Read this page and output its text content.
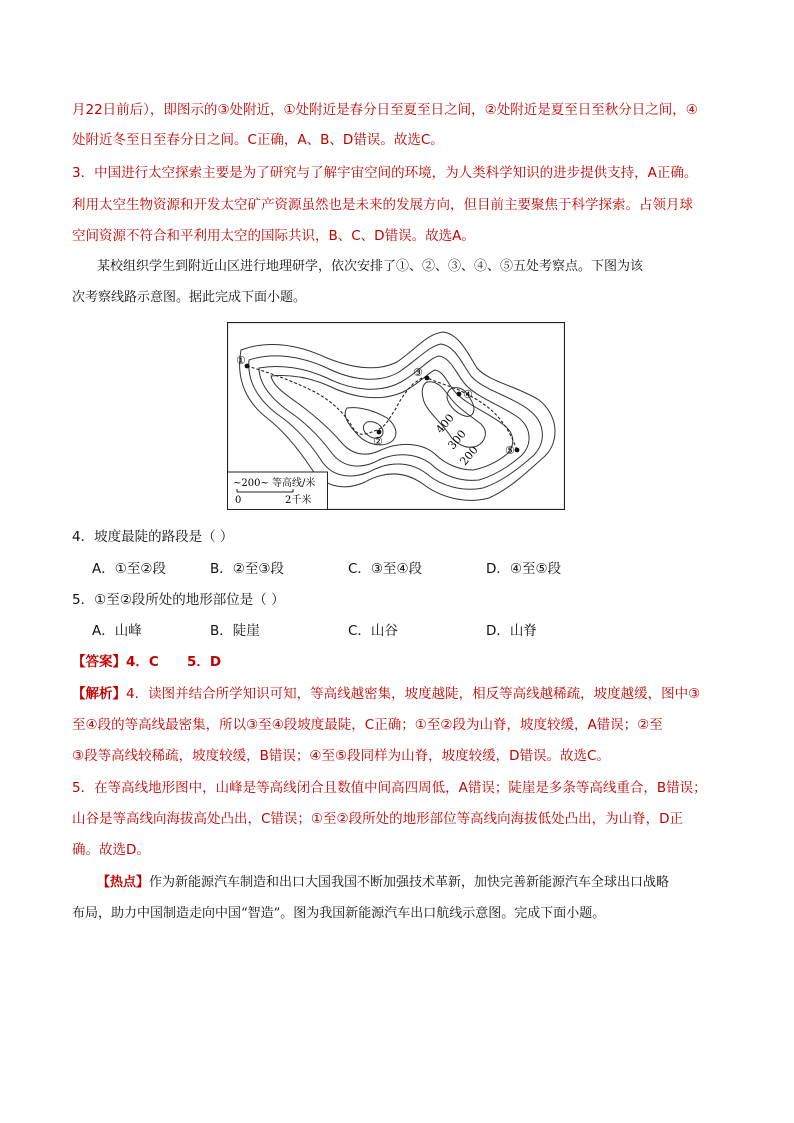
月22日前后），即图示的③处附近，①处附近是春分日至夏至日之间，②处附近是夏至日至秋分日之间，④
处附近冬至日至春分日之间。C正确，A、B、D错误。故选C。
3．中国进行太空探索主要是为了研究与了解宇宙空间的环境，为人类科学知识的进步提供支持，A正确。
利用太空生物资源和开发太空矿产资源虽然也是未来的发展方向，但目前主要聚焦于科学探索。占领月球
空间资源不符合和平利用太空的国际共识，B、C、D错误。故选A。
某校组织学生到附近山区进行地理研学，依次安排了①、②、③、④、⑤五处考察点。下图为该
次考察线路示意图。据此完成下面小题。
①
②
③
④
⑤
400
300
200
~200~ 等高线/米
0	2千米
4．坡度最陡的路段是（ ）
A．①至②段	B．②至③段	C．③至④段	D．④至⑤段
5．①至②段所处的地形部位是（ ）
A．山峰	B．陡崖	C．山谷	D．山脊
【答案】4．C      5．D
【解析】4．读图并结合所学知识可知，等高线越密集，坡度越陡，相反等高线越稀疏，坡度越缓，图中③
至④段的等高线最密集，所以③至④段坡度最陡，C正确；①至②段为山脊，坡度较缓，A错误；②至
③段等高线较稀疏，坡度较缓，B错误；④至⑤段同样为山脊，坡度较缓，D错误。故选C。
5．在等高线地形图中，山峰是等高线闭合且数值中间高四周低，A错误；陡崖是多条等高线重合，B错误；
山谷是等高线向海拔高处凸出，C错误；①至②段所处的地形部位等高线向海拔低处凸出，为山脊，D正
确。故选D。
【热点】作为新能源汽车制造和出口大国我国不断加强技术革新，加快完善新能源汽车全球出口战略
布局，助力中国制造走向中国“智造”。图为我国新能源汽车出口航线示意图。完成下面小题。
